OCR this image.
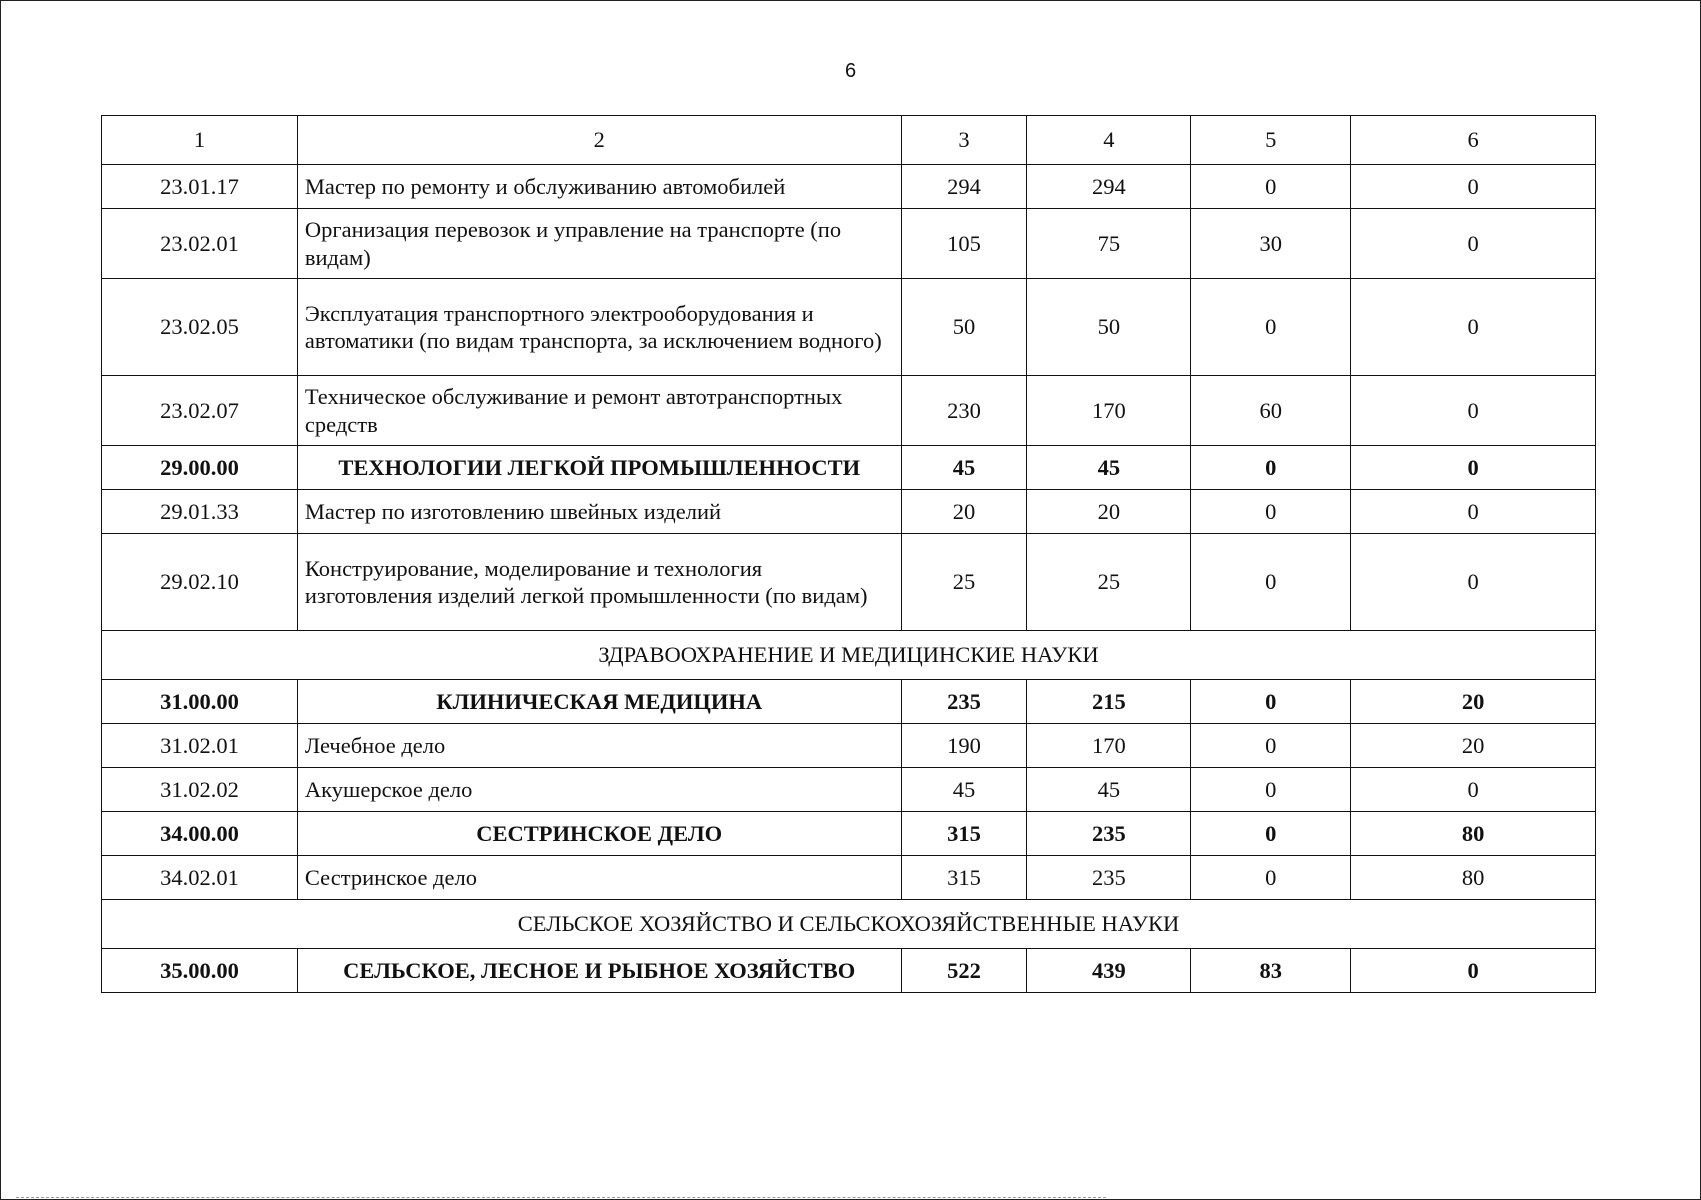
6
1	2	3	4	5	6
23.01.17	Мастер по ремонту и обслуживанию автомобилей	294	294	0	0
23.02.01	Организация перевозок и управление на транспорте (по видам)	105	75	30	0
23.02.05	Эксплуатация транспортного электрооборудования и автоматики (по видам транспорта, за исключением водного)	50	50	0	0
23.02.07	Техническое обслуживание и ремонт автотранспортных средств	230	170	60	0
29.00.00	ТЕХНОЛОГИИ ЛЕГКОЙ ПРОМЫШЛЕННОСТИ	45	45	0	0
29.01.33	Мастер по изготовлению швейных изделий	20	20	0	0
29.02.10	Конструирование, моделирование и технология изготовления изделий легкой промышленности (по видам)	25	25	0	0
ЗДРАВООХРАНЕНИЕ И МЕДИЦИНСКИЕ НАУКИ					
31.00.00	КЛИНИЧЕСКАЯ МЕДИЦИНА	235	215	0	20
31.02.01	Лечебное дело	190	170	0	20
31.02.02	Акушерское дело	45	45	0	0
34.00.00	СЕСТРИНСКОЕ ДЕЛО	315	235	0	80
34.02.01	Сестринское дело	315	235	0	80
СЕЛЬСКОЕ ХОЗЯЙСТВО И СЕЛЬСКОХОЗЯЙСТВЕННЫЕ НАУКИ					
35.00.00	СЕЛЬСКОЕ, ЛЕСНОЕ И РЫБНОЕ ХОЗЯЙСТВО	522	439	83	0
